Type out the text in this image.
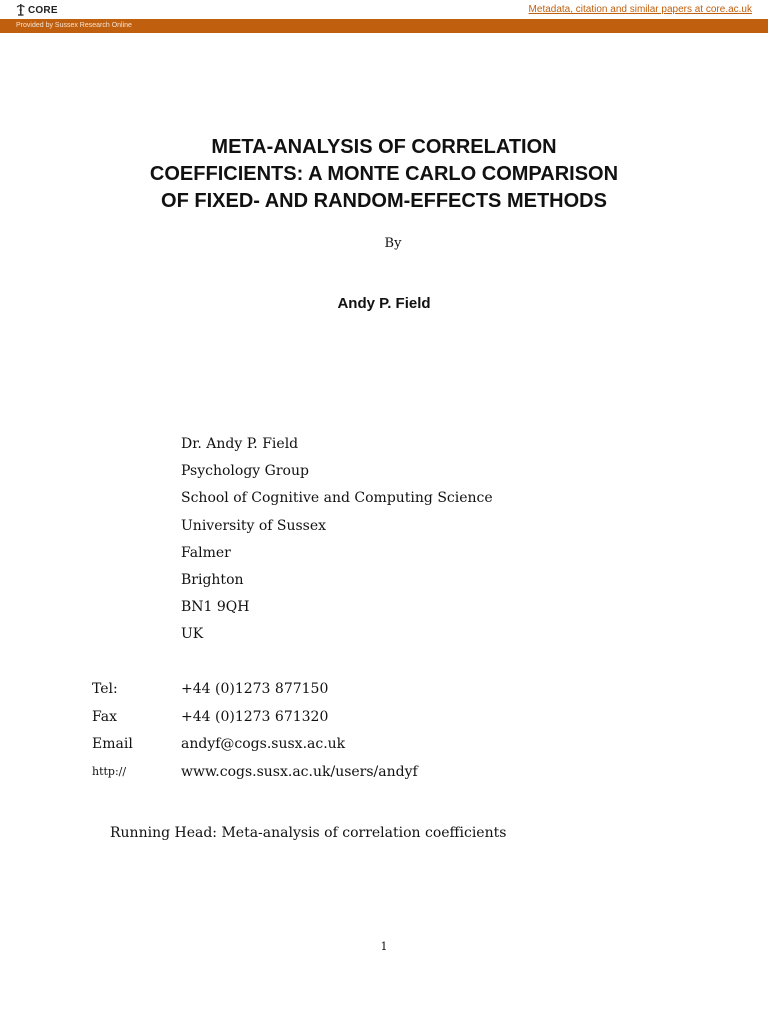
CORE	Metadata, citation and similar papers at core.ac.uk
Provided by Sussex Research Online
META-ANALYSIS OF CORRELATION
COEFFICIENTS: A MONTE CARLO COMPARISON
OF FIXED- AND RANDOM-EFFECTS METHODS
By
Andy P. Field
Dr. Andy P. Field
Psychology Group
School of Cognitive and Computing Science
University of Sussex
Falmer
Brighton
BN1 9QH
UK
Tel:	+44 (0)1273 877150
Fax	+44 (0)1273 671320
Email	andyf@cogs.susx.ac.uk
http://	www.cogs.susx.ac.uk/users/andyf
Running Head: Meta-analysis of correlation coefficients
1
